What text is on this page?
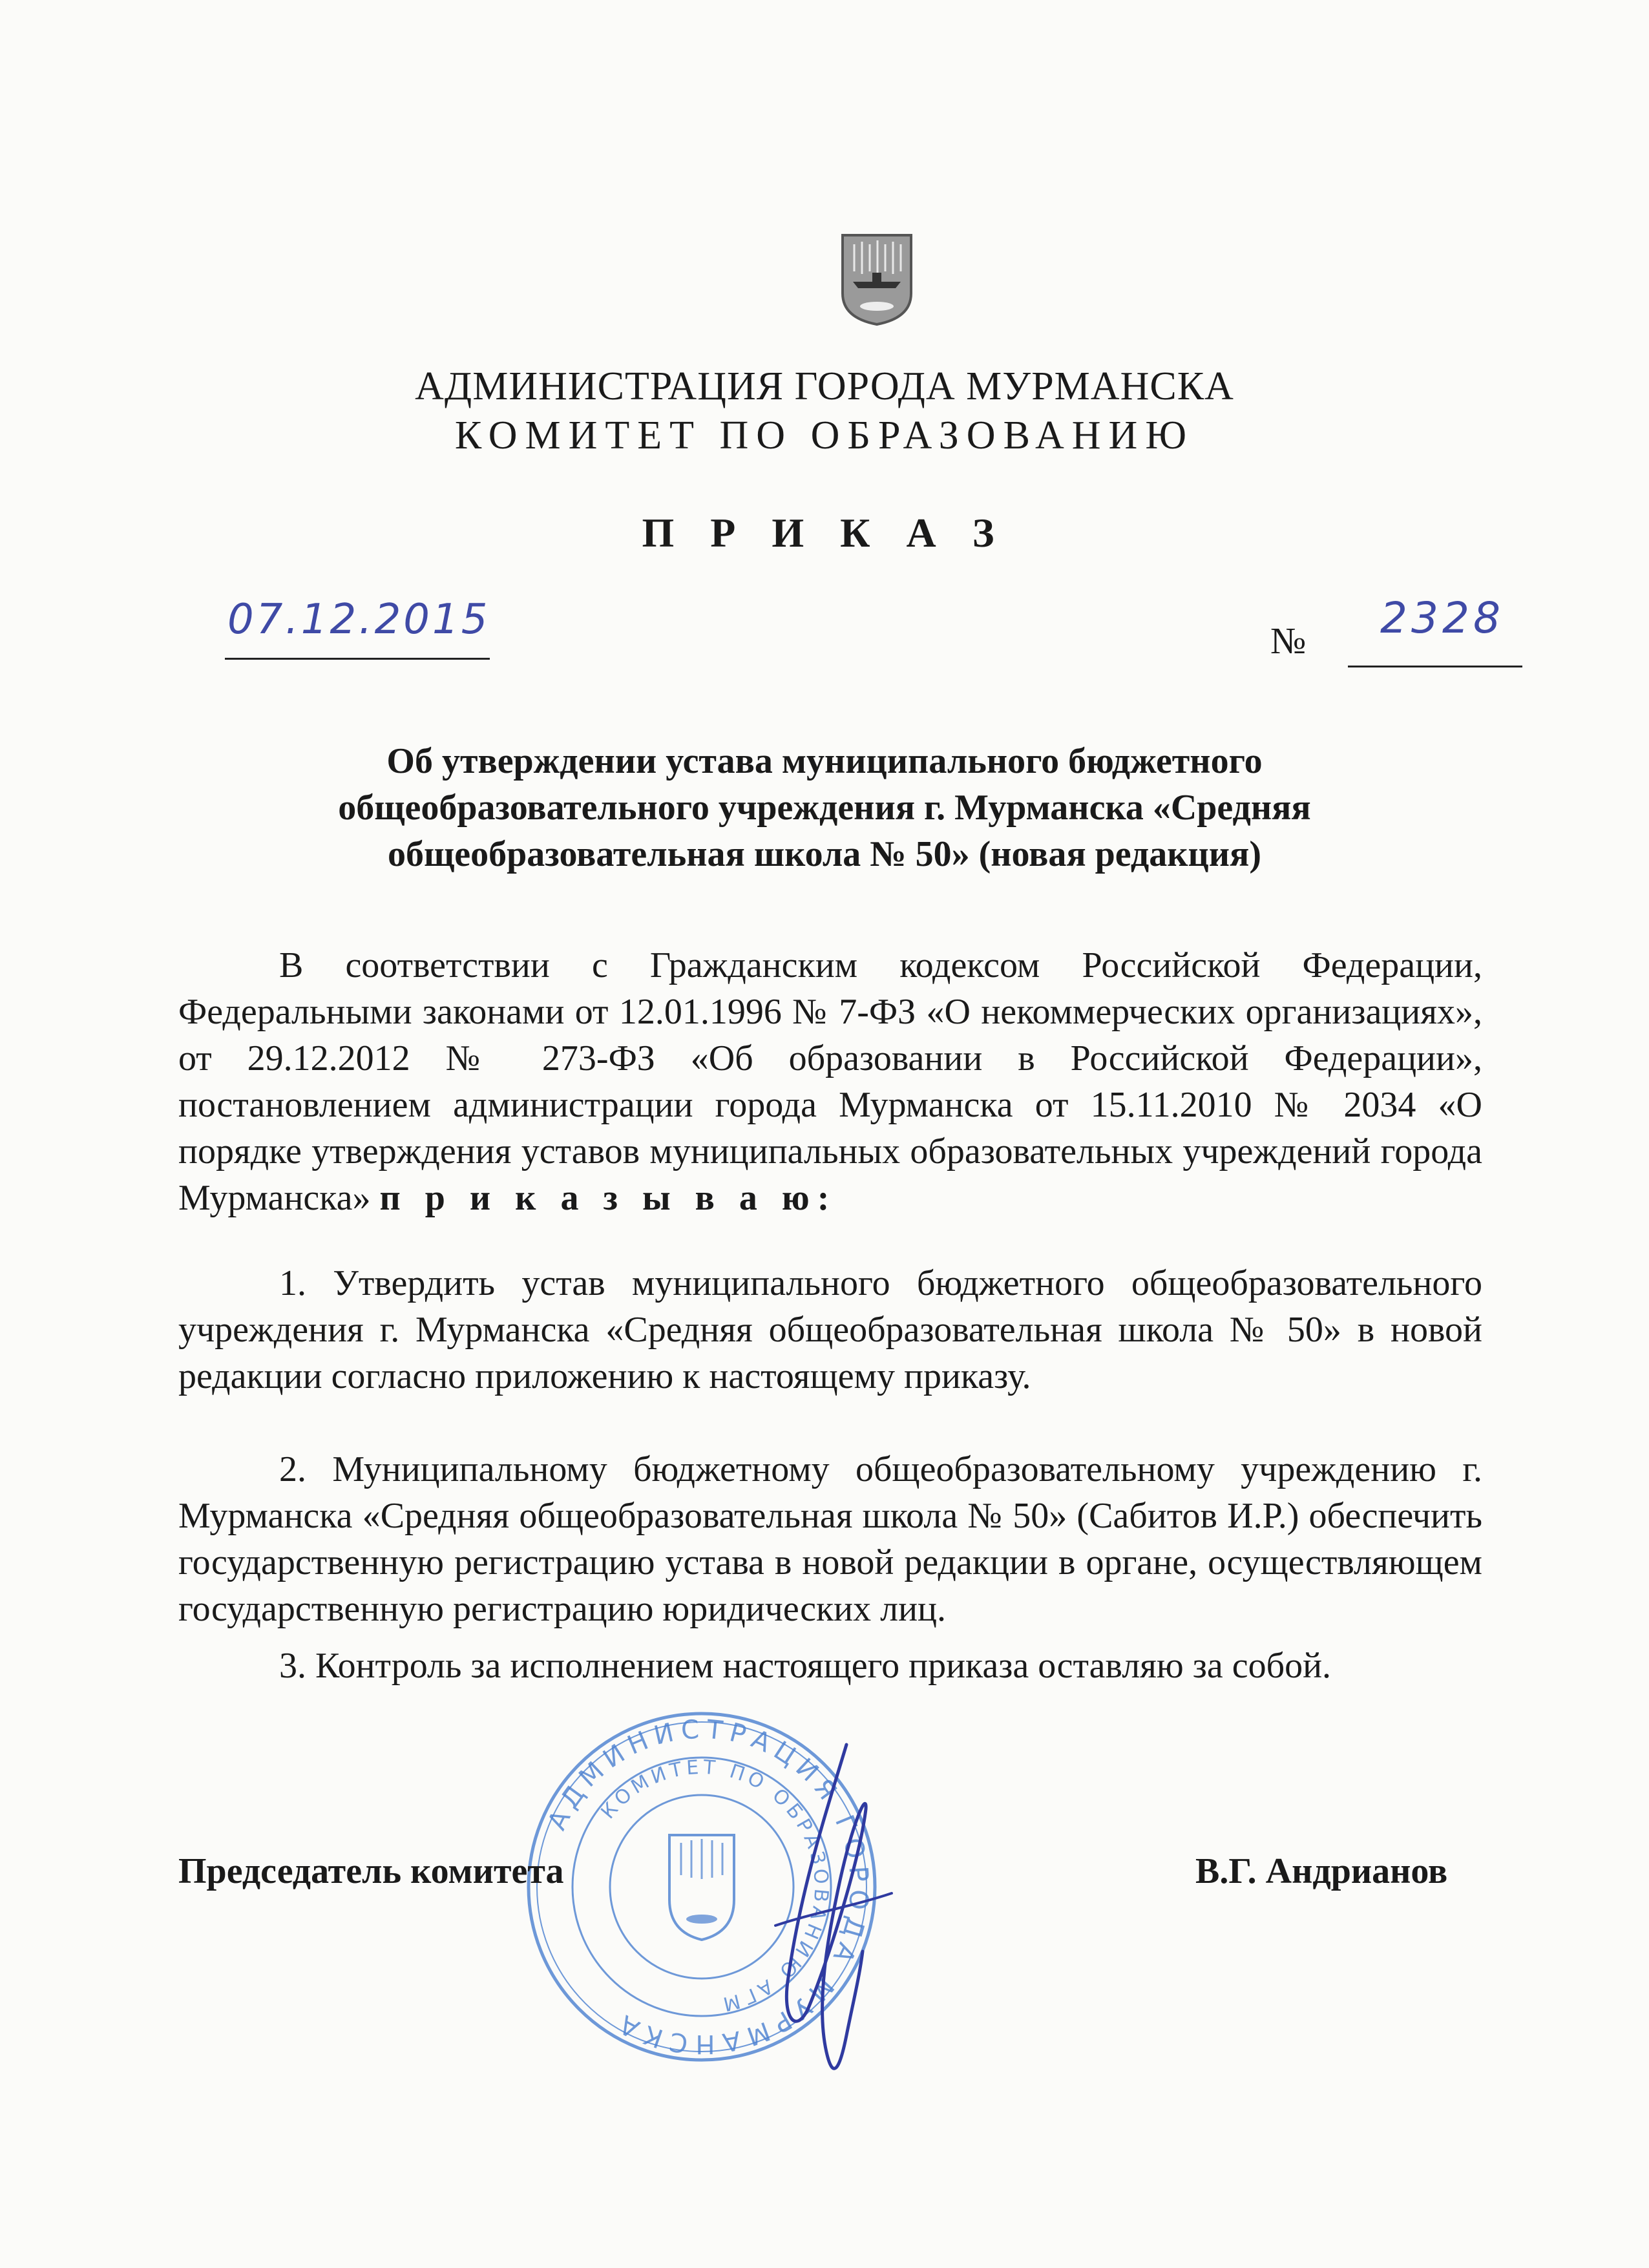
АДМИНИСТРАЦИЯ ГОРОДА МУРМАНСКА
КОМИТЕТ ПО ОБРАЗОВАНИЮ
П Р И К А З
07.12.2015	№ 2328
Об утверждении устава муниципального бюджетного
общеобразовательного учреждения г. Мурманска «Средняя
общеобразовательная школа № 50» (новая редакция)
В соответствии с Гражданским кодексом Российской Федерации, Федеральными законами от 12.01.1996 № 7-ФЗ «О некоммерческих организациях», от 29.12.2012 № 273-ФЗ «Об образовании в Российской Федерации», постановлением администрации города Мурманска от 15.11.2010 № 2034 «О порядке утверждения уставов муниципальных образовательных учреждений города Мурманска» п р и к а з ы в а ю:
1. Утвердить устав муниципального бюджетного общеобразовательного учреждения г. Мурманска «Средняя общеобразовательная школа № 50» в новой редакции согласно приложению к настоящему приказу.
2. Муниципальному бюджетному общеобразовательному учреждению г. Мурманска «Средняя общеобразовательная школа № 50» (Сабитов И.Р.) обеспечить государственную регистрацию устава в новой редакции в органе, осуществляющем государственную регистрацию юридических лиц.
3. Контроль за исполнением настоящего приказа оставляю за собой.
АДМИНИСТРАЦИЯ ГОРОДА МУРМАНСКА
КОМИТЕТ ПО ОБРАЗОВАНИЮ АГМ
Председатель комитета	В.Г. Андрианов
